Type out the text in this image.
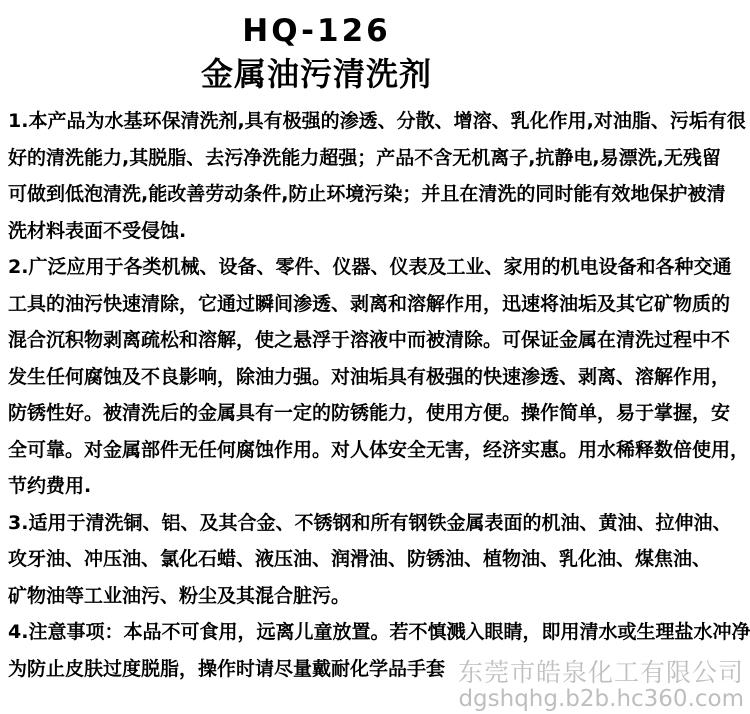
HQ-126
金属油污清洗剂
1.本产品为水基环保清洗剂,具有极强的渗透、分散、增溶、乳化作用,对油脂、污垢有很
好的清洗能力,其脱脂、去污净洗能力超强；产品不含无机离子,抗静电,易漂洗,无残留
可做到低泡清洗,能改善劳动条件,防止环境污染；并且在清洗的同时能有效地保护被清
洗材料表面不受侵蚀.
2.广泛应用于各类机械、设备、零件、仪器、仪表及工业、家用的机电设备和各种交通
工具的油污快速清除，它通过瞬间渗透、剥离和溶解作用，迅速将油垢及其它矿物质的
混合沉积物剥离疏松和溶解，使之悬浮于溶液中而被清除。可保证金属在清洗过程中不
发生任何腐蚀及不良影响，除油力强。对油垢具有极强的快速渗透、剥离、溶解作用，
防锈性好。被清洗后的金属具有一定的防锈能力，使用方便。操作简单，易于掌握，安
全可靠。对金属部件无任何腐蚀作用。对人体安全无害，经济实惠。用水稀释数倍使用，
节约费用.
3.适用于清洗铜、铝、及其合金、不锈钢和所有钢铁金属表面的机油、黄油、拉伸油、
攻牙油、冲压油、氯化石蜡、液压油、润滑油、防锈油、植物油、乳化油、煤焦油、
矿物油等工业油污、粉尘及其混合脏污。
4.注意事项：本品不可食用，远离儿童放置。若不慎溅入眼睛，即用清水或生理盐水冲净
为防止皮肤过度脱脂，操作时请尽量戴耐化学品手套 东莞市皓泉化工有限公司
dgshqhg.b2b.hc360.com
